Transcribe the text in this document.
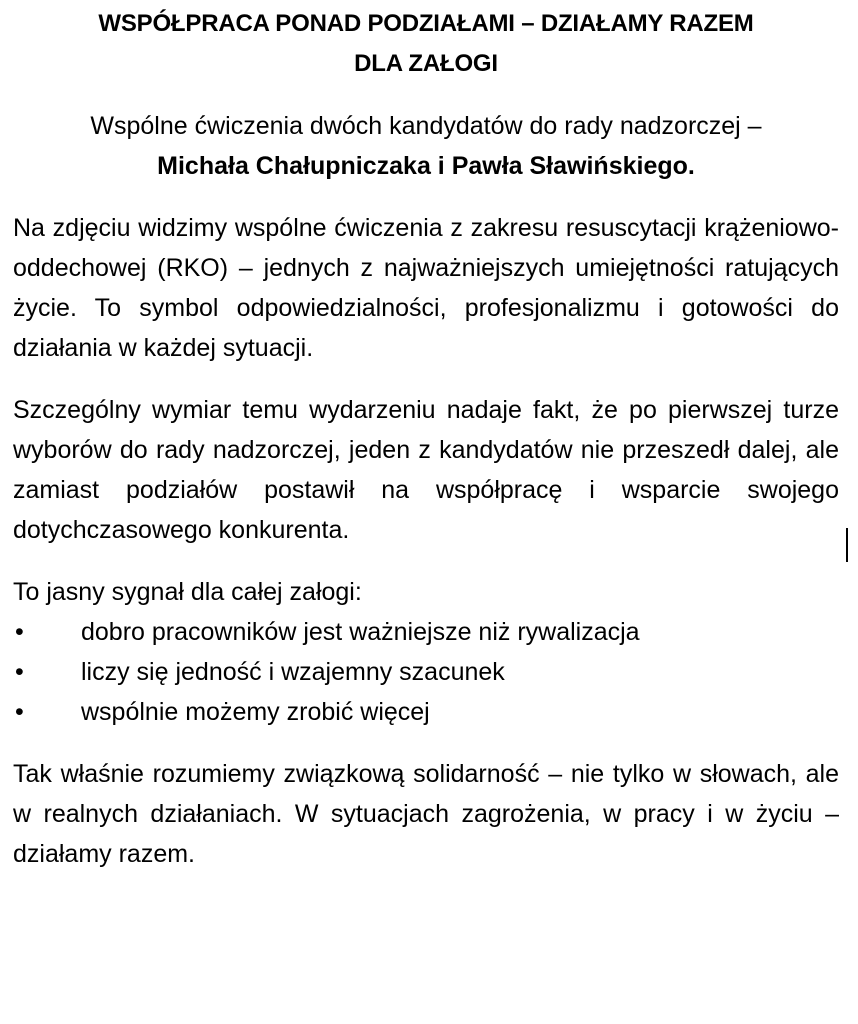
WSPÓŁPRACA PONAD PODZIAŁAMI – DZIAŁAMY RAZEM
DLA ZAŁOGI

Wspólne ćwiczenia dwóch kandydatów do rady nadzorczej –
Michała Chałupniczaka i Pawła Sławińskiego.

Na zdjęciu widzimy wspólne ćwiczenia z zakresu resuscytacji krążeniowo-oddechowej (RKO) – jednych z najważniejszych umiejętności ratujących życie. To symbol odpowiedzialności, profesjonalizmu i gotowości do działania w każdej sytuacji.

Szczególny wymiar temu wydarzeniu nadaje fakt, że po pierwszej turze wyborów do rady nadzorczej, jeden z kandydatów nie przeszedł dalej, ale zamiast podziałów postawił na współpracę i wsparcie swojego dotychczasowego konkurenta.

To jasny sygnał dla całej załogi:
• dobro pracowników jest ważniejsze niż rywalizacja
• liczy się jedność i wzajemny szacunek
• wspólnie możemy zrobić więcej

Tak właśnie rozumiemy związkową solidarność – nie tylko w słowach, ale w realnych działaniach. W sytuacjach zagrożenia, w pracy i w życiu – działamy razem.
